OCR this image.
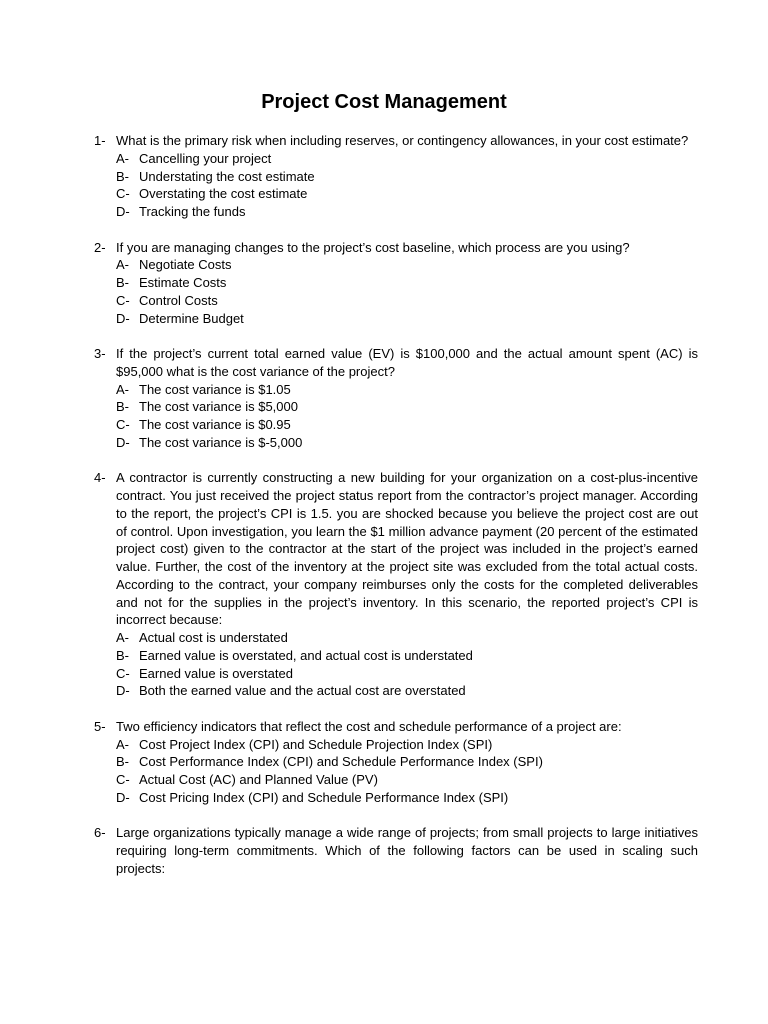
Project Cost Management
1- What is the primary risk when including reserves, or contingency allowances, in your cost estimate?
A- Cancelling your project
B- Understating the cost estimate
C- Overstating the cost estimate
D- Tracking the funds
2- If you are managing changes to the project’s cost baseline, which process are you using?
A- Negotiate Costs
B- Estimate Costs
C- Control Costs
D- Determine Budget
3- If the project’s current total earned value (EV) is $100,000 and the actual amount spent (AC) is $95,000 what is the cost variance of the project?
A- The cost variance is $1.05
B- The cost variance is $5,000
C- The cost variance is $0.95
D- The cost variance is $-5,000
4- A contractor is currently constructing a new building for your organization on a cost-plus-incentive contract. You just received the project status report from the contractor’s project manager. According to the report, the project’s CPI is 1.5. you are shocked because you believe the project cost are out of control. Upon investigation, you learn the $1 million advance payment (20 percent of the estimated project cost) given to the contractor at the start of the project was included in the project’s earned value. Further, the cost of the inventory at the project site was excluded from the total actual costs. According to the contract, your company reimburses only the costs for the completed deliverables and not for the supplies in the project’s inventory. In this scenario, the reported project’s CPI is incorrect because:
A- Actual cost is understated
B- Earned value is overstated, and actual cost is understated
C- Earned value is overstated
D- Both the earned value and the actual cost are overstated
5- Two efficiency indicators that reflect the cost and schedule performance of a project are:
A- Cost Project Index (CPI) and Schedule Projection Index (SPI)
B- Cost Performance Index (CPI) and Schedule Performance Index (SPI)
C- Actual Cost (AC) and Planned Value (PV)
D- Cost Pricing Index (CPI) and Schedule Performance Index (SPI)
6- Large organizations typically manage a wide range of projects; from small projects to large initiatives requiring long-term commitments. Which of the following factors can be used in scaling such projects:
